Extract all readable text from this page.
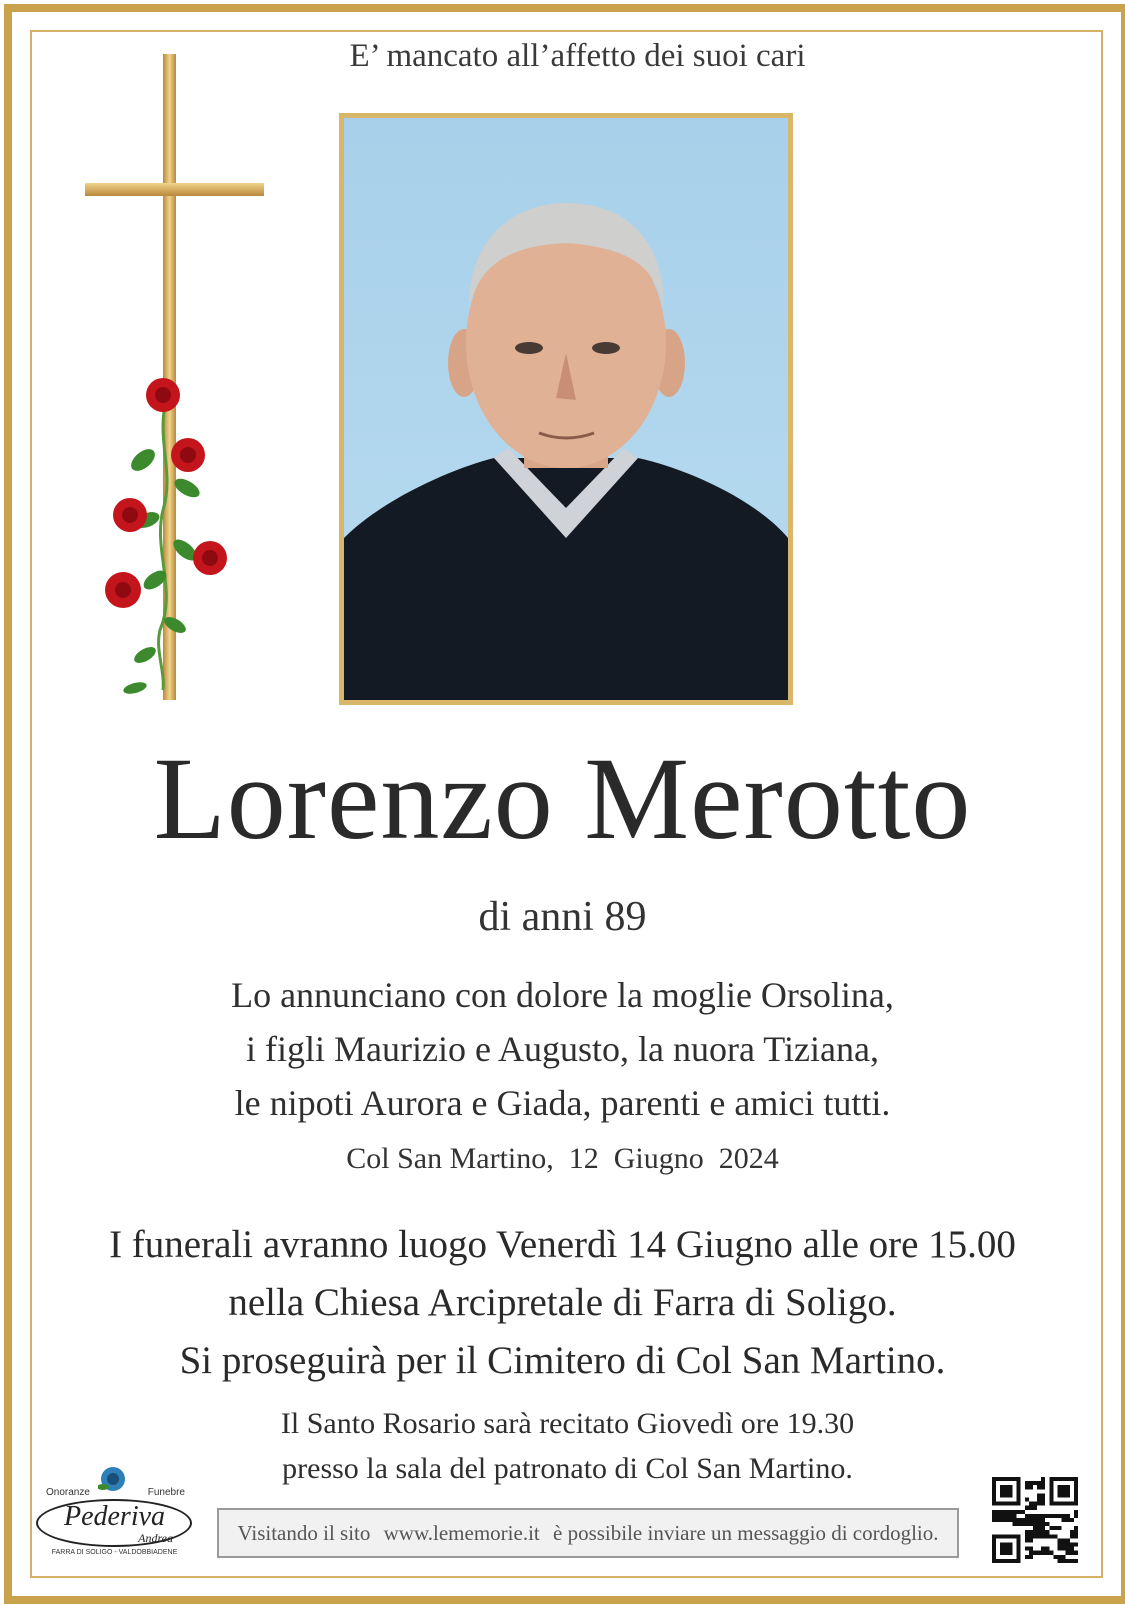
E’ mancato all’affetto dei suoi cari
Lorenzo Merotto
di anni 89
Lo annunciano con dolore la moglie Orsolina,
i figli Maurizio e Augusto, la nuora Tiziana,
le nipoti Aurora e Giada, parenti e amici tutti.
Col San Martino,  12  Giugno  2024
I funerali avranno luogo Venerdì 14 Giugno alle ore 15.00
nella Chiesa Arcipretale di Farra di Soligo.
Si proseguirà per il Cimitero di Col San Martino.
Il Santo Rosario sarà recitato Giovedì ore 19.30
presso la sala del patronato di Col San Martino.
Onoranze	Funebre
Pederiva
Andrea
FARRA DI SOLIGO - VALDOBBIADENE
Visitando il sito www.lememorie.it è possibile inviare un messaggio di cordoglio.
